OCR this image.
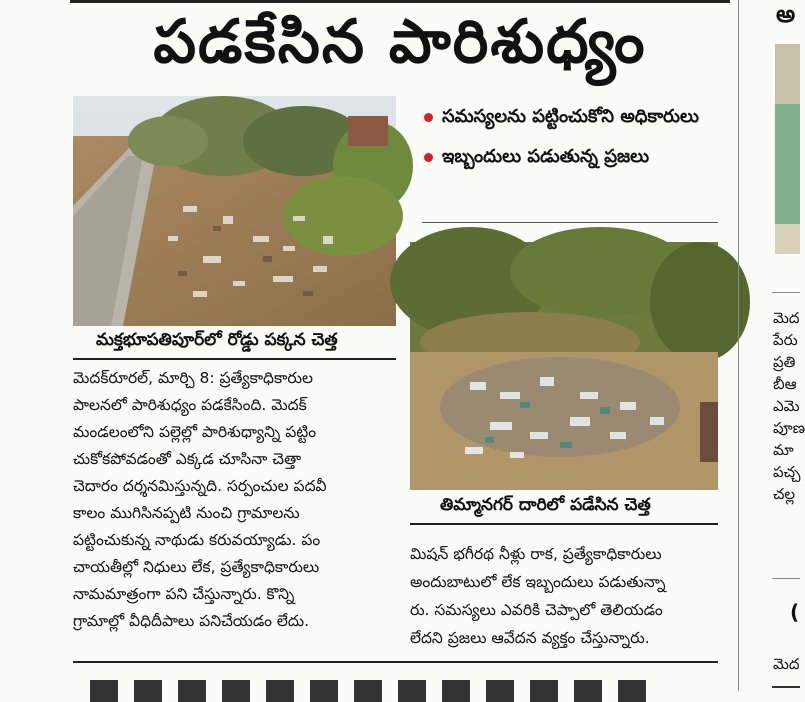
పడకేసిన పారిశుధ్యం
మక్తభూపతిపూర్‌లో రోడ్డు పక్కన చెత్త

మెదక్‌రూరల్‌, మార్చి 8: ప్రత్యేకాధికారుల

పాలనలో పారిశుధ్యం పడకేసింది. మెదక్‌

మండలంలోని పల్లెల్లో పారిశుధ్యాన్ని పట్టిం

చుకోకపోవడంతో ఎక్కడ చూసినా చెత్తా

చెదారం దర్శనమిస్తున్నది. సర్పంచుల పదవీ

కాలం ముగిసినప్పటి నుంచి గ్రామాలను

పట్టించుకున్న నాథుడు కరువయ్యాడు. పం

చాయతీల్లో నిధులు లేక, ప్రత్యేకాధికారులు

నామమాత్రంగా పని చేస్తున్నారు. కొన్ని

గ్రామాల్లో వీధిదీపాలు పనిచేయడం లేదు.

సమస్యలను పట్టించుకోని అధికారులు
ఇబ్బందులు పడుతున్న ప్రజలు
తిమ్మానగర్‌ దారిలో పడేసిన చెత్త

మిషన్‌ భగీరథ నీళ్లు రాక, ప్రత్యేకాధికారులు

అందుబాటులో లేక ఇబ్బందులు పడుతున్నా

రు. సమస్యలు ఎవరికి చెప్పాలో తెలియడం

లేదని ప్రజలు ఆవేదన వ్యక్తం చేస్తున్నారు.

అ
మెద
పేరు
ప్రతి
బీఆ
ఎమె
పూణ
మా
పచ్చ
చల్ల
(
మెద
